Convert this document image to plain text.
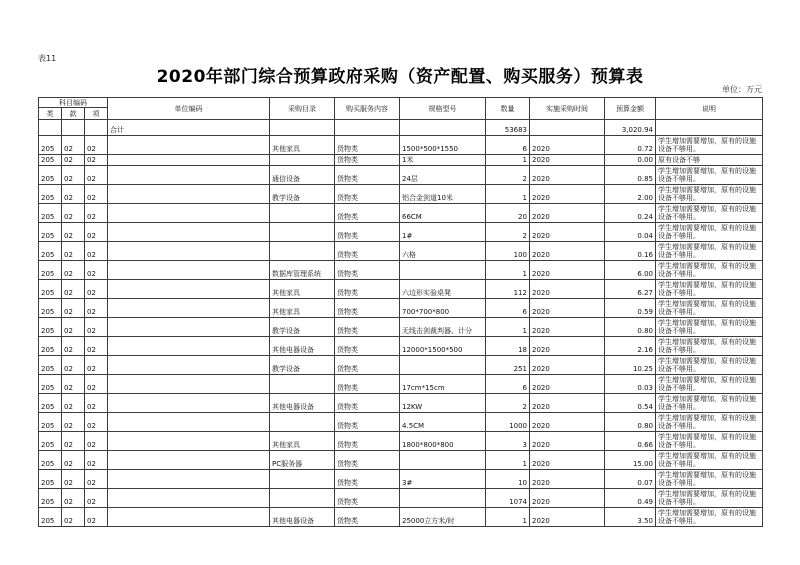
表11
2020年部门综合预算政府采购（资产配置、购买服务）预算表
单位：万元
科目编码			单位编码	采购目录	购买服务内容	规格型号	数量	实施采购时间	预算金额	说明
类	款	项								
			合计				53683		3,020.94	
205	02	02		其他家具	货物类	1500*500*1550	6	2020	0.72	学生增加需要增加，原有的设施设备不够用。
205	02	02			货物类	1米	1	2020	0.00	原有设备不够
205	02	02		通信设备	货物类	24层	2	2020	0.85	学生增加需要增加，原有的设施设备不够用。
205	02	02		教学设备	货物类	铝合金剑道10米	1	2020	2.00	学生增加需要增加，原有的设施设备不够用。
205	02	02			货物类	66CM	20	2020	0.24	学生增加需要增加，原有的设施设备不够用。
205	02	02			货物类	1#	2	2020	0.04	学生增加需要增加，原有的设施设备不够用。
205	02	02			货物类	六格	100	2020	0.16	学生增加需要增加，原有的设施设备不够用。
205	02	02		数据库管理系统	货物类		1	2020	6.00	学生增加需要增加，原有的设施设备不够用。
205	02	02		其他家具	货物类	六边形实验桌凳	112	2020	6.27	学生增加需要增加，原有的设施设备不够用。
205	02	02		其他家具	货物类	700*700*800	6	2020	0.59	学生增加需要增加，原有的设施设备不够用。
205	02	02		教学设备	货物类	无线击剑裁判器、计分	1	2020	0.80	学生增加需要增加，原有的设施设备不够用。
205	02	02		其他电器设备	货物类	12000*1500*500	18	2020	2.16	学生增加需要增加，原有的设施设备不够用。
205	02	02		教学设备	货物类		251	2020	10.25	学生增加需要增加，原有的设施设备不够用。
205	02	02			货物类	17cm*15cm	6	2020	0.03	学生增加需要增加，原有的设施设备不够用。
205	02	02		其他电器设备	货物类	12KW	2	2020	0.54	学生增加需要增加，原有的设施设备不够用。
205	02	02			货物类	4.5CM	1000	2020	0.80	学生增加需要增加，原有的设施设备不够用。
205	02	02		其他家具	货物类	1800*800*800	3	2020	0.66	学生增加需要增加，原有的设施设备不够用。
205	02	02		PC服务器	货物类		1	2020	15.00	学生增加需要增加，原有的设施设备不够用。
205	02	02			货物类	3#	10	2020	0.07	学生增加需要增加，原有的设施设备不够用。
205	02	02			货物类		1074	2020	0.49	学生增加需要增加，原有的设施设备不够用。
205	02	02		其他电器设备	货物类	25000立方米/时	1	2020	3.50	学生增加需要增加，原有的设施设备不够用。
